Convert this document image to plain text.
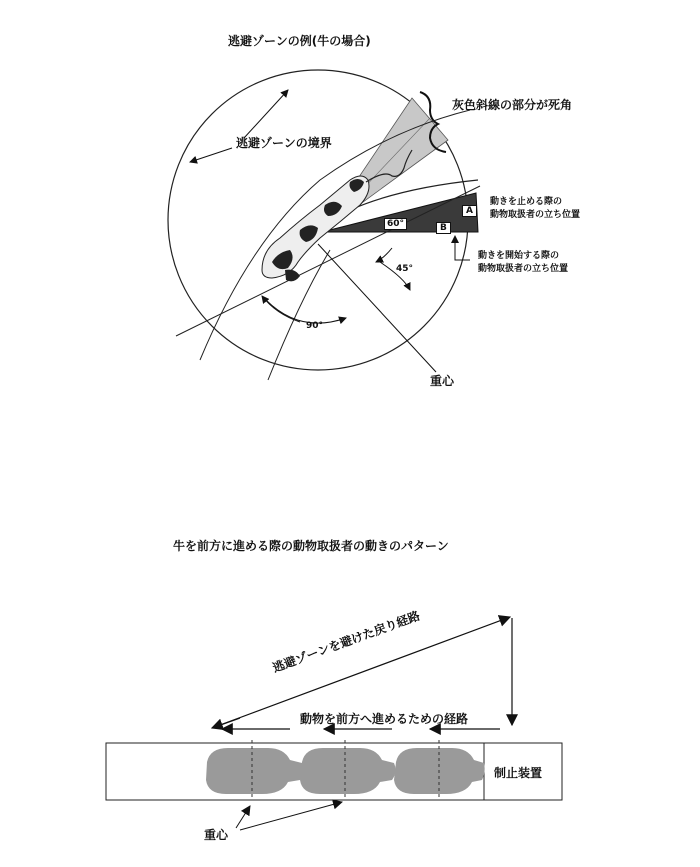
逃避ゾーンの例(牛の場合)
灰色斜線の部分が死角
逃避ゾーンの境界
動きを止める際の
動物取扱者の立ち位置
動きを開始する際の
動物取扱者の立ち位置
A
B
60°
45°
90°
重心
牛を前方に進める際の動物取扱者の動きのパターン
逃避ゾーンを避けた戻り経路
動物を前方へ進めるための経路
制止装置
重心
